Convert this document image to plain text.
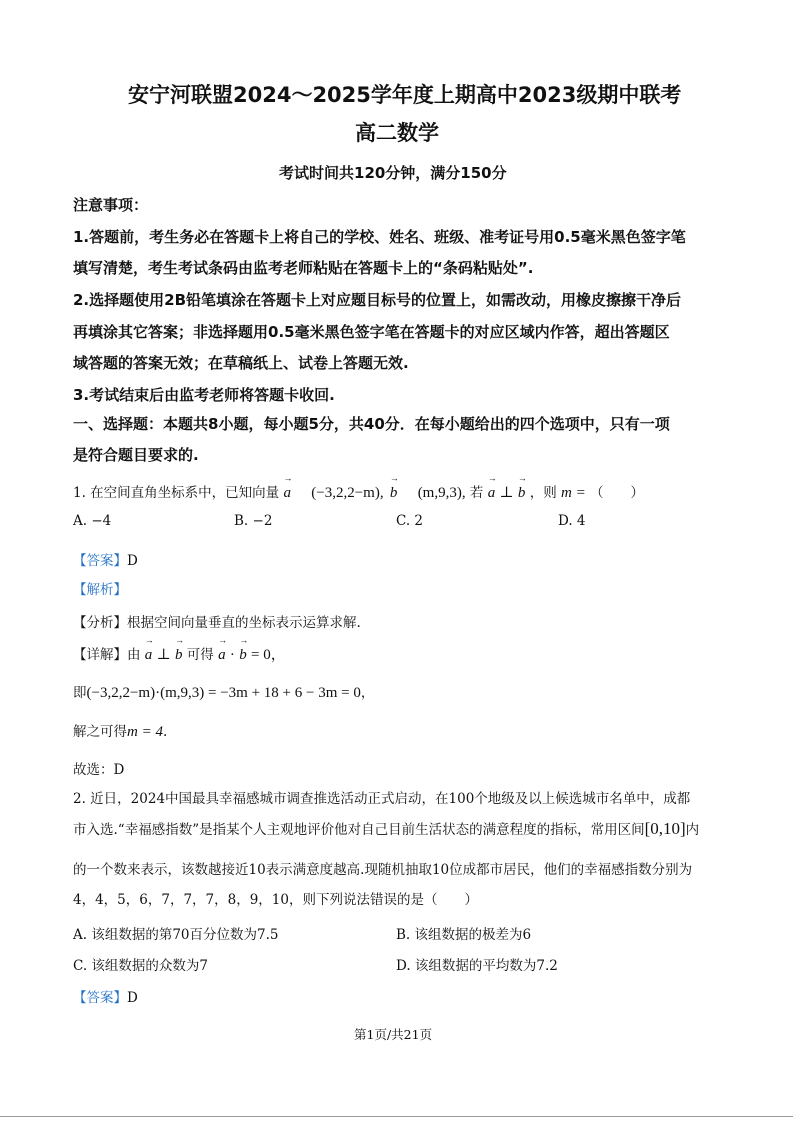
安宁河联盟2024～2025学年度上期高中2023级期中联考
高二数学
考试时间共120分钟，满分150分
注意事项：
1.答题前，考生务必在答题卡上将自己的学校、姓名、班级、准考证号用0.5毫米黑色签字笔
填写清楚，考生考试条码由监考老师粘贴在答题卡上的“条码粘贴处”.
2.选择题使用2B铅笔填涂在答题卡上对应题目标号的位置上，如需改动，用橡皮擦擦干净后
再填涂其它答案；非选择题用0.5毫米黑色签字笔在答题卡的对应区域内作答，超出答题区
域答题的答案无效；在草稿纸上、试卷上答题无效.
3.考试结束后由监考老师将答题卡收回.
一、选择题：本题共8小题，每小题5分，共40分．在每小题给出的四个选项中，只有一项
是符合题目要求的.
1. 在空间直角坐标系中，已知向量 → a (−3,2,2−m), → b (m,9,3), 若 → a ⊥ → b ，则 m = （　　）
A. −4	B. −2	C. 2	D. 4
【答案】D
【解析】
【分析】根据空间向量垂直的坐标表示运算求解.
【详解】由 → a ⊥ → b 可得 → a · → b = 0，
即(−3,2,2−m)·(m,9,3) = −3m + 18 + 6 − 3m = 0，
解之可得m = 4.
故选：D
2. 近日，2024中国最具幸福感城市调查推选活动正式启动，在100个地级及以上候选城市名单中，成都
市入选.“幸福感指数”是指某个人主观地评价他对自己目前生活状态的满意程度的指标，常用区间[0,10]内
的一个数来表示，该数越接近10表示满意度越高.现随机抽取10位成都市居民，他们的幸福感指数分别为
4，4，5，6，7，7，7，8，9，10，则下列说法错误的是（　　）
A. 该组数据的第70百分位数为7.5	B. 该组数据的极差为6
C. 该组数据的众数为7	D. 该组数据的平均数为7.2
【答案】D
第1页/共21页
